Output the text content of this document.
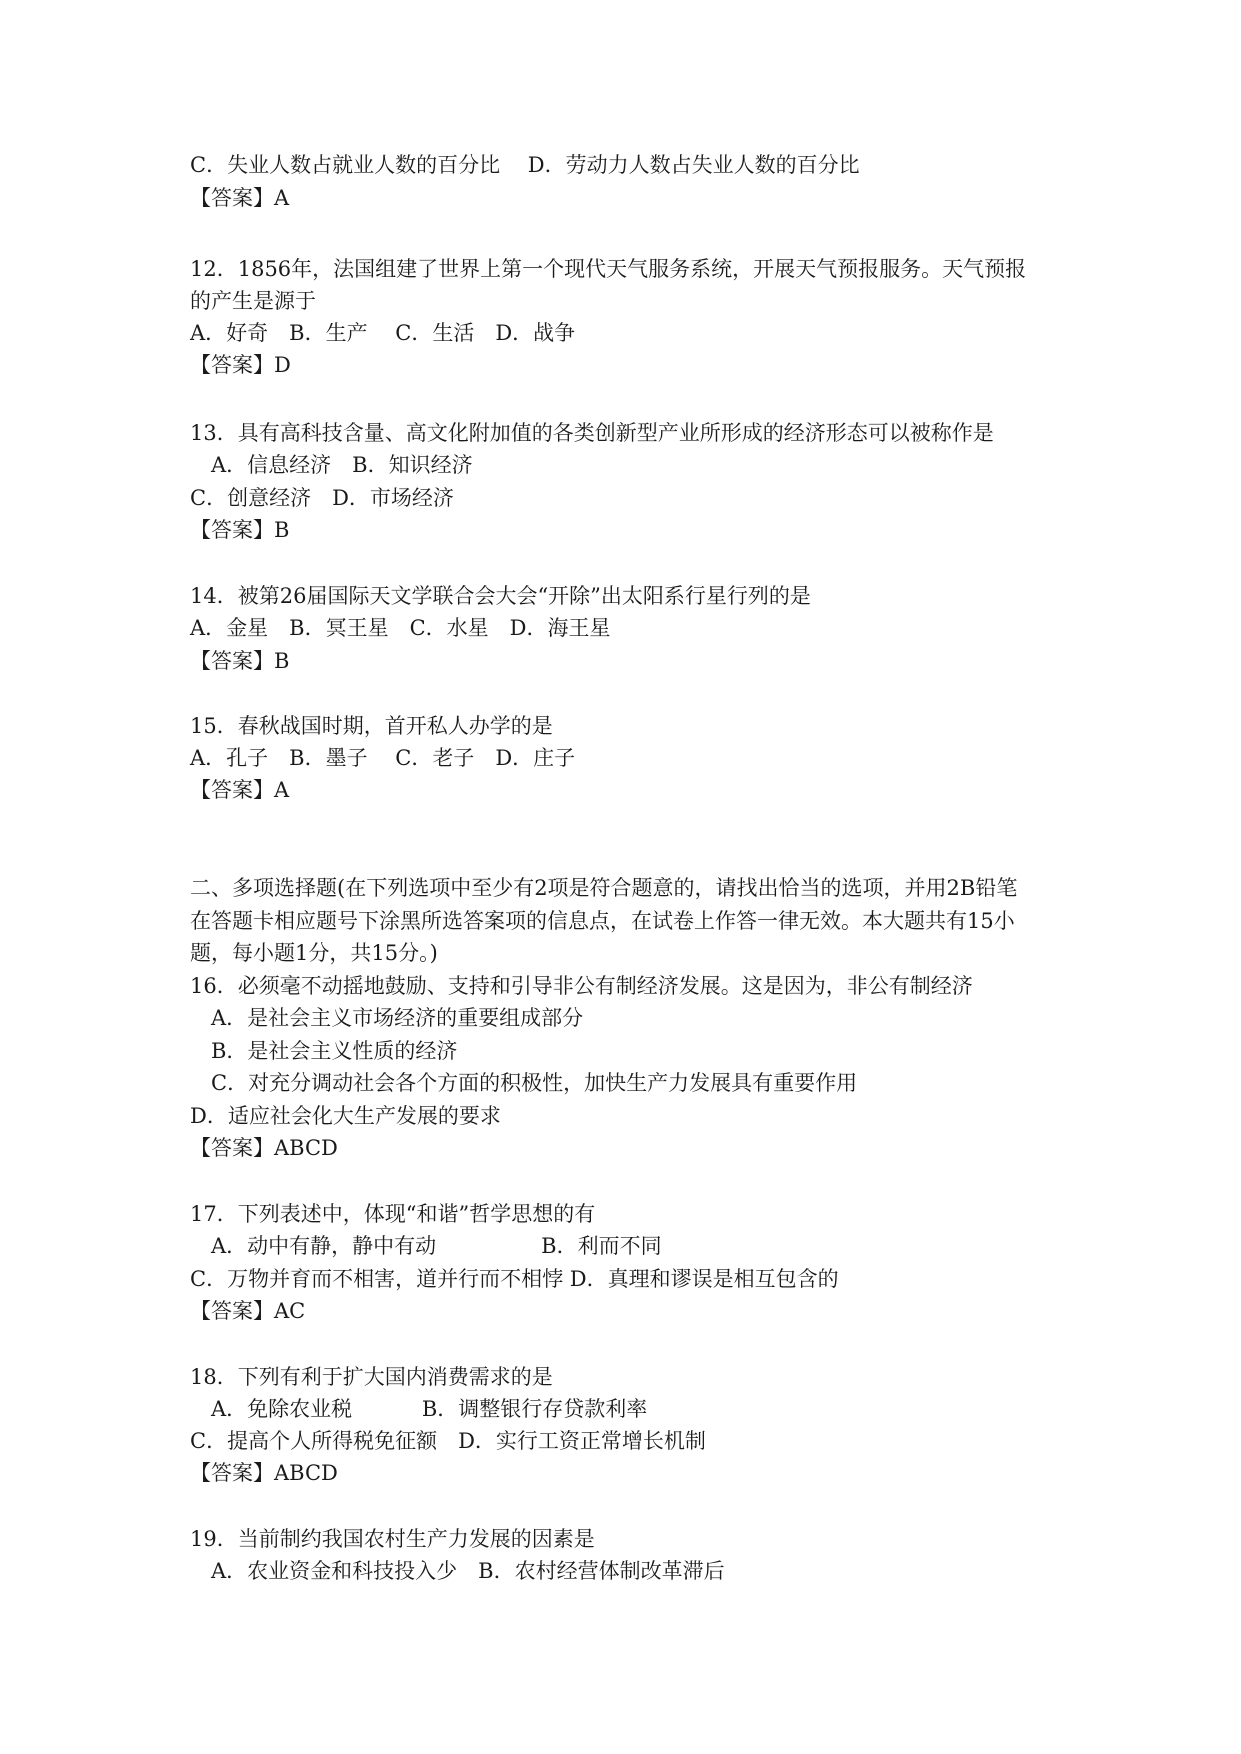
C．失业人数占就业人数的百分比　 D．劳动力人数占失业人数的百分比
【答案】A
12．1856年，法国组建了世界上第一个现代天气服务系统，开展天气预报服务。天气预报
的产生是源于
A．好奇　B．生产　 C．生活　D．战争
【答案】D
13．具有高科技含量、高文化附加值的各类创新型产业所形成的经济形态可以被称作是
A．信息经济　B．知识经济
C．创意经济　D．市场经济
【答案】B
14．被第26届国际天文学联合会大会“开除”出太阳系行星行列的是
A．金星　B．冥王星　C．水星　D．海王星
【答案】B
15．春秋战国时期，首开私人办学的是
A．孔子　B．墨子　 C．老子　D．庄子
【答案】A
二、多项选择题(在下列选项中至少有2项是符合题意的，请找出恰当的选项，并用2B铅笔
在答题卡相应题号下涂黑所选答案项的信息点，在试卷上作答一律无效。本大题共有15小
题，每小题1分，共15分。)
16．必须毫不动摇地鼓励、支持和引导非公有制经济发展。这是因为，非公有制经济
A．是社会主义市场经济的重要组成部分
B．是社会主义性质的经济
C．对充分调动社会各个方面的积极性，加快生产力发展具有重要作用
D．适应社会化大生产发展的要求
【答案】ABCD
17．下列表述中，体现“和谐”哲学思想的有
A．动中有静，静中有动　　　　　B．利而不同
C．万物并育而不相害，道并行而不相悖 D．真理和谬误是相互包含的
【答案】AC
18．下列有利于扩大国内消费需求的是
A．免除农业税　　　 B．调整银行存贷款利率
C．提高个人所得税免征额　D．实行工资正常增长机制
【答案】ABCD
19．当前制约我国农村生产力发展的因素是
A．农业资金和科技投入少　B．农村经营体制改革滞后
